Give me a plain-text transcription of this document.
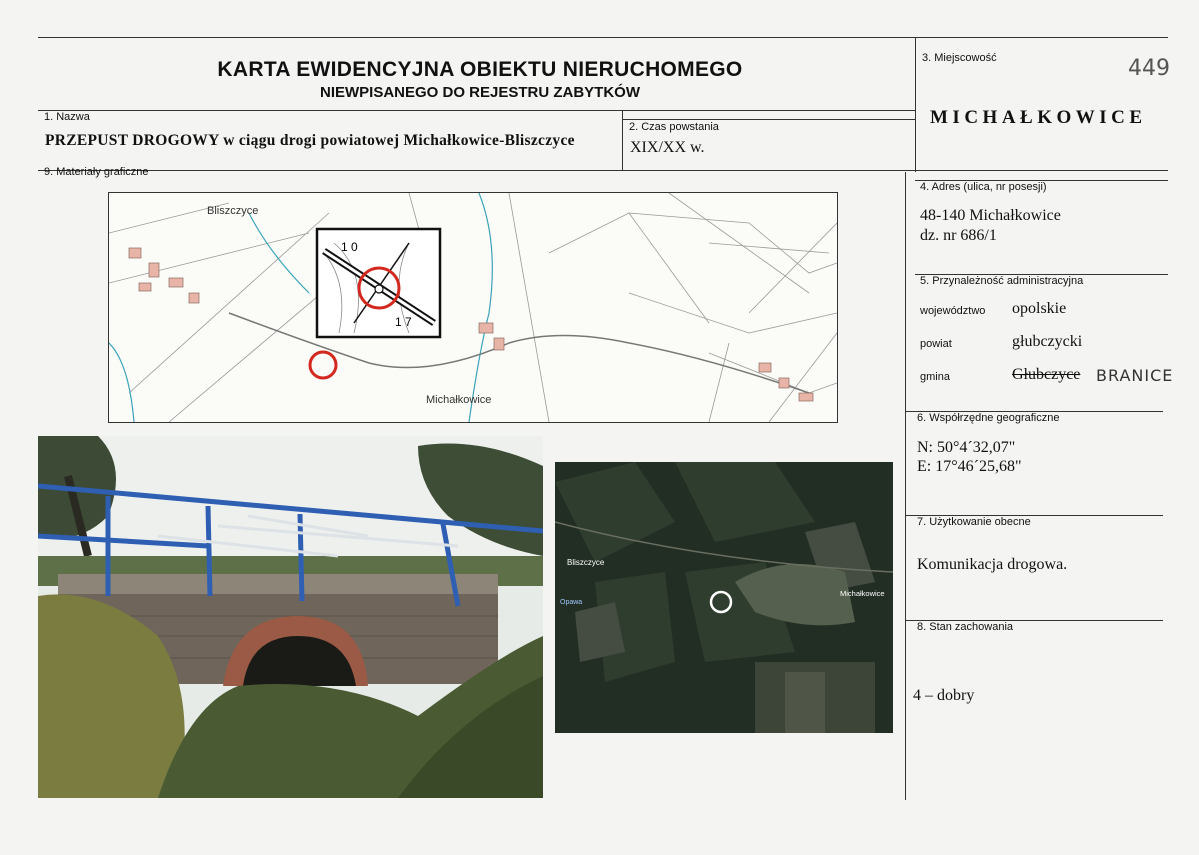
KARTA EWIDENCYJNA OBIEKTU NIERUCHOMEGO
NIEWPISANEGO DO REJESTRU ZABYTKÓW
1. Nazwa
PRZEPUST DROGOWY w ciągu drogi powiatowej Michałkowice-Bliszczyce
2. Czas powstania
XIX/XX w.
3. Miejscowość	449
MICHAŁKOWICE
9. Materiały graficzne
4. Adres (ulica, nr posesji)
48-140 Michałkowice
dz. nr 686/1
5. Przynależność administracyjna
województwo opolskie
powiat	głubczycki
gmina	Głubczyce BRANICE
6. Współrzędne geograficzne
N: 50°4´32,07"
E: 17°46´25,68"
7. Użytkowanie obecne
Komunikacja drogowa.
8. Stan zachowania
4 – dobry
Bliszczyce
Michałkowice
1 0
1 7
Bliszczyce
Michałkowice
Opawa
